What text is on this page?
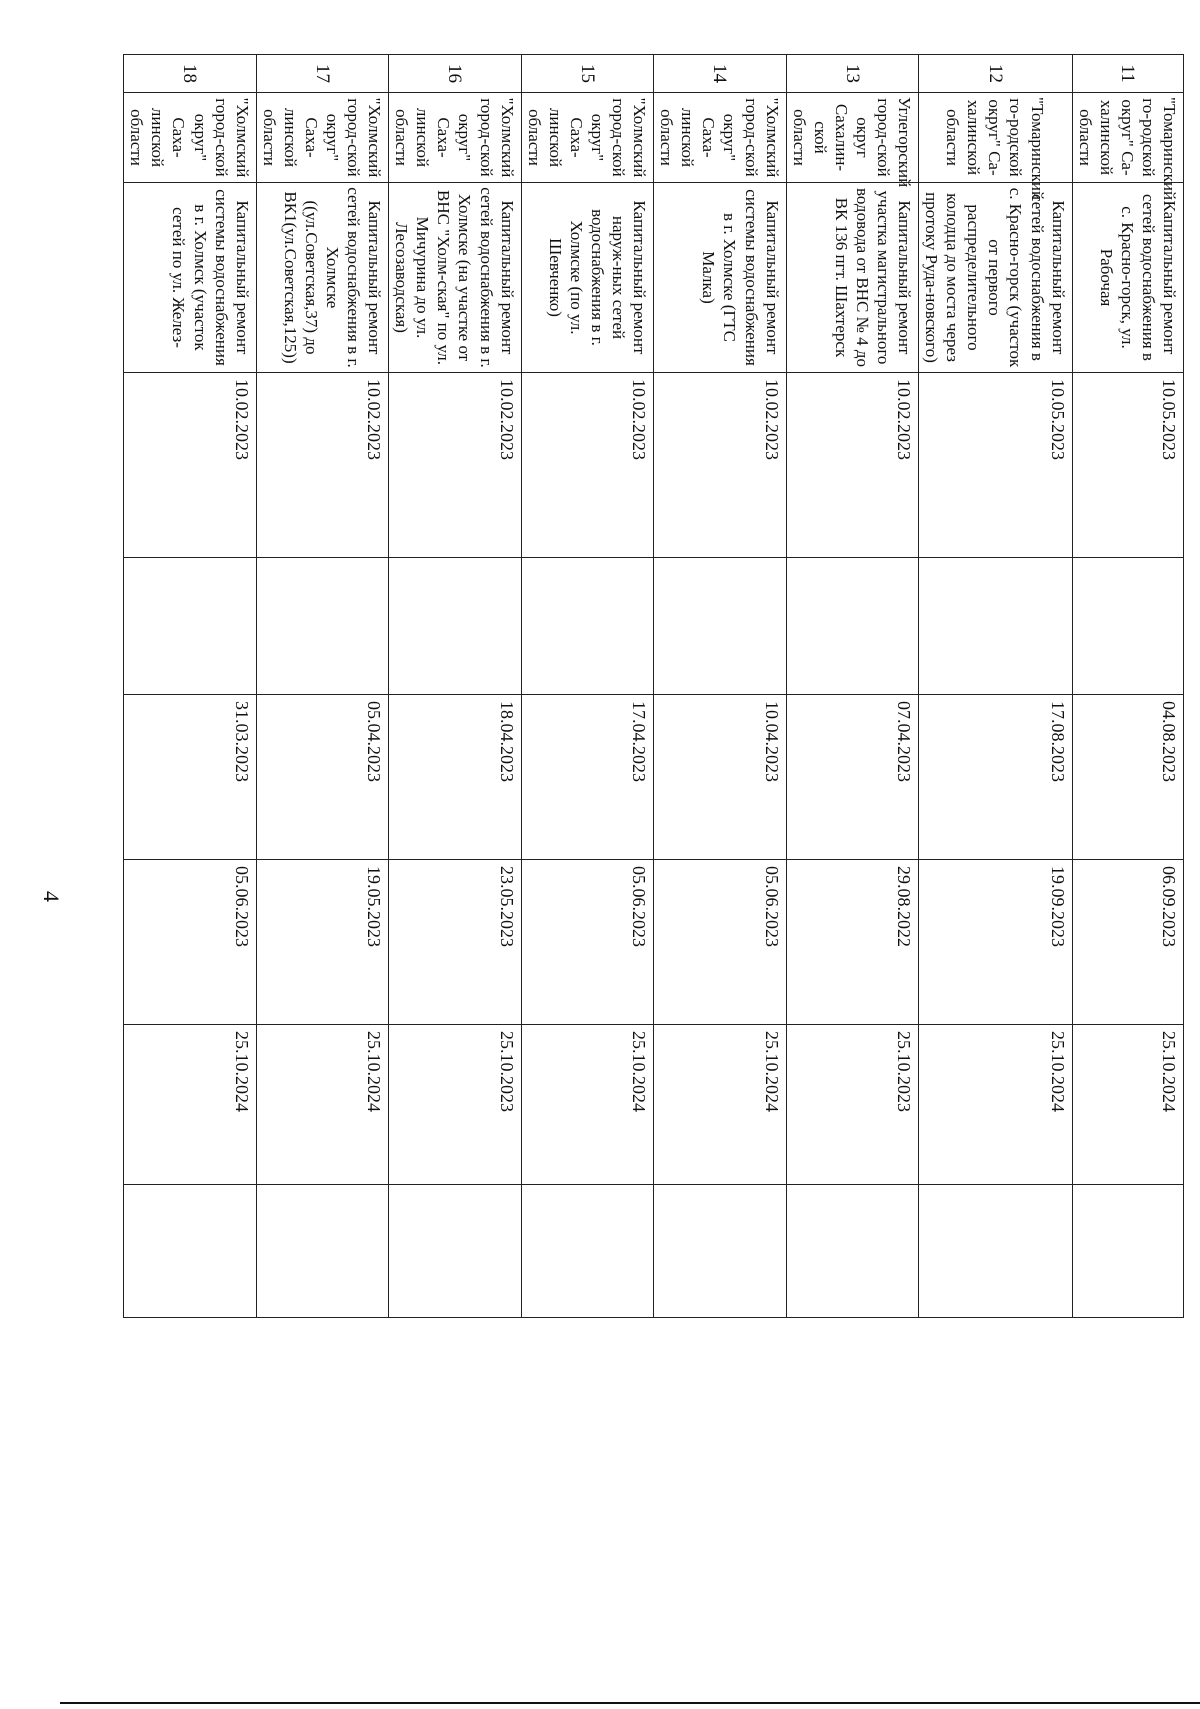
4
11	"Томаринский го-родской округ" Са-халинской области	Капитальный ремонт сетей водоснабжения в с. Красно-горск, ул. Рабочая	10.05.2023		04.08.2023	06.09.2023	25.10.2024	
12	"Томаринский го-родской округ" Са-халинской области	Капитальный ремонт сетей водоснабжения в с. Красно-горск (участок от первого распределительного колодца до моста через протоку Руда-новского)	10.05.2023		17.08.2023	19.09.2023	25.10.2024	
13	Углегорский город-ской округ Сахалин-ской области	Капитальный ремонт участка магистрального водовода от ВНС № 4 до ВК 136 пгт. Шахтерск	10.02.2023		07.04.2023	29.08.2022	25.10.2023	
14	"Холмский город-ской округ" Саха-линской области	Капитальный ремонт системы водоснабжения в г. Холмске (ГТС Малка)	10.02.2023		10.04.2023	05.06.2023	25.10.2024	
15	"Холмский город-ской округ" Саха-линской области	Капитальный ремонт наруж-ных сетей водоснабжения в г. Холмске (по ул. Шевченко)	10.02.2023		17.04.2023	05.06.2023	25.10.2024	
16	"Холмский город-ской округ" Саха-линской области	Капитальный ремонт сетей водоснабжения в г. Холмске (на участке от ВНС "Холм-ская" по ул. Мичурина до ул. Лесозаводская)	10.02.2023		18.04.2023	23.05.2023	25.10.2023	
17	"Холмский город-ской округ" Саха-линской области	Капитальный ремонт сетей водоснабжения в г. Холмске ((ул.Советская,37) до ВК1(ул.Советская,125))	10.02.2023		05.04.2023	19.05.2023	25.10.2024	
18	"Холмский город-ской округ" Саха-линской области	Капитальный ремонт системы водоснабжения в г. Холмск (участок сетей по ул. Желез-	10.02.2023		31.03.2023	05.06.2023	25.10.2024	
